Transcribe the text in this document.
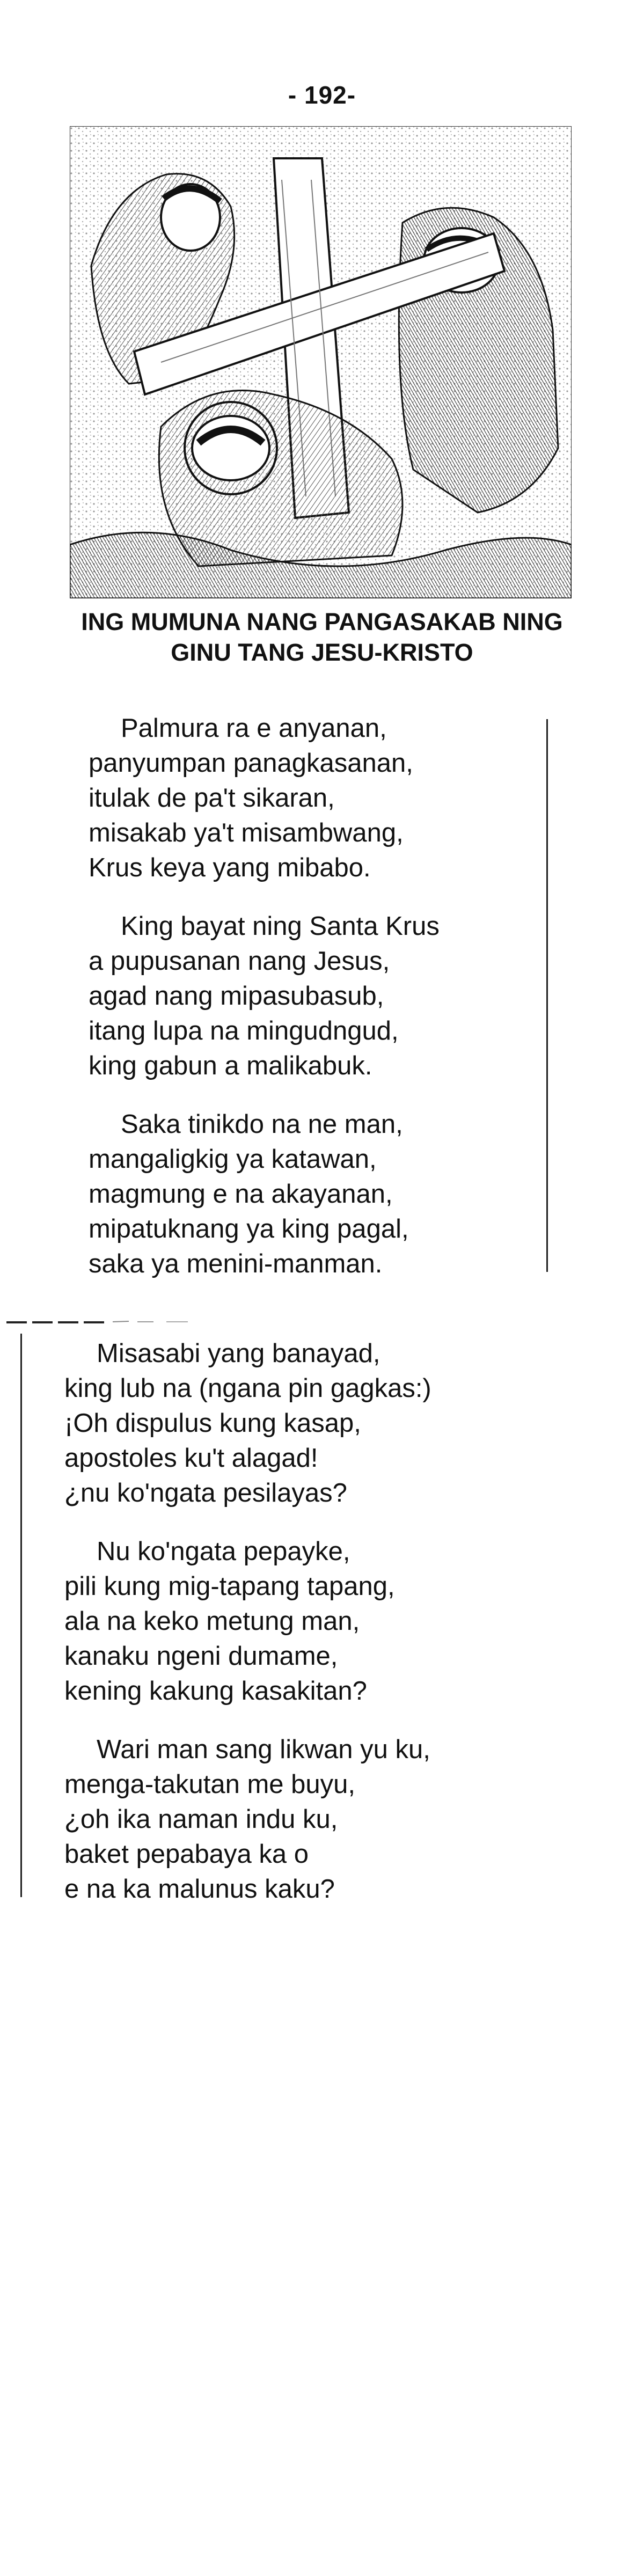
- 192-
ING MUMUNA NANG PANGASAKAB NING
GINU TANG JESU-KRISTO
Palmura ra e anyanan,
panyumpan panagkasanan,
itulak de pa't sikaran,
misakab ya't misambwang,
Krus keya yang mibabo.
King bayat ning Santa Krus
a pupusanan nang Jesus,
agad nang mipasubasub,
itang lupa na mingudngud,
king gabun a malikabuk.
Saka tinikdo na ne man,
mangaligkig ya katawan,
magmung e na akayanan,
mipatuknang ya king pagal,
saka ya menini-manman.
Misasabi yang banayad,
king lub na (ngana pin gagkas:)
¡Oh dispulus kung kasap,
apostoles ku't alagad!
¿nu ko'ngata pesilayas?
Nu ko'ngata pepayke,
pili kung mig-tapang tapang,
ala na keko metung man,
kanaku ngeni dumame,
kening kakung kasakitan?
Wari man sang likwan yu ku,
menga-takutan me buyu,
¿oh ika naman indu ku,
baket pepabaya ka o
e na ka malunus kaku?
